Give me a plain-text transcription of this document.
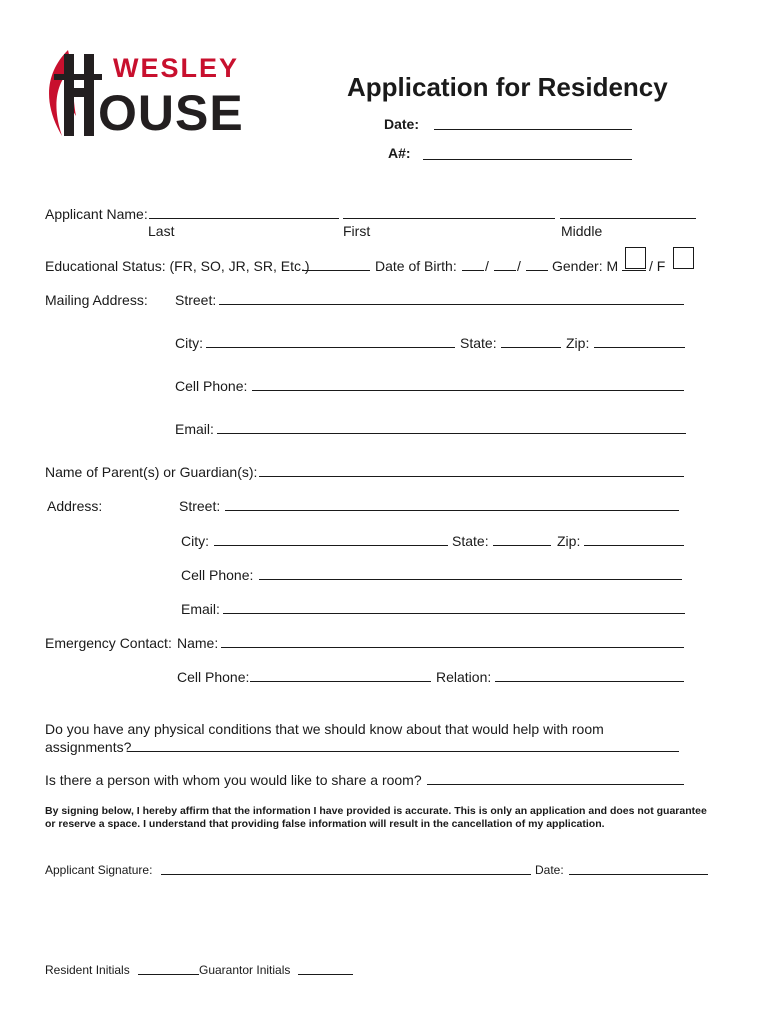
WESLEY
OUSE	Application for Residency
Date:
A#:
Applicant Name:
Last	First	Middle
Educational Status: (FR, SO, JR, SR, Etc.)	Date of Birth: / / Gender: M / F
Mailing Address: Street:
City:	State:	Zip:
Cell Phone:
Email:
Name of Parent(s) or Guardian(s):
Address:	Street:
City:	State:	Zip:
Cell Phone:
Email:
Emergency Contact: Name:
Cell Phone:	Relation:
Do you have any physical conditions that we should know about that would help with room
assignments?
Is there a person with whom you would like to share a room?
By signing below, I hereby affirm that the information I have provided is accurate. This is only an application and does not guarantee
or reserve a space. I understand that providing false information will result in the cancellation of my application.
Applicant Signature:	Date:
Resident Initials	Guarantor Initials
